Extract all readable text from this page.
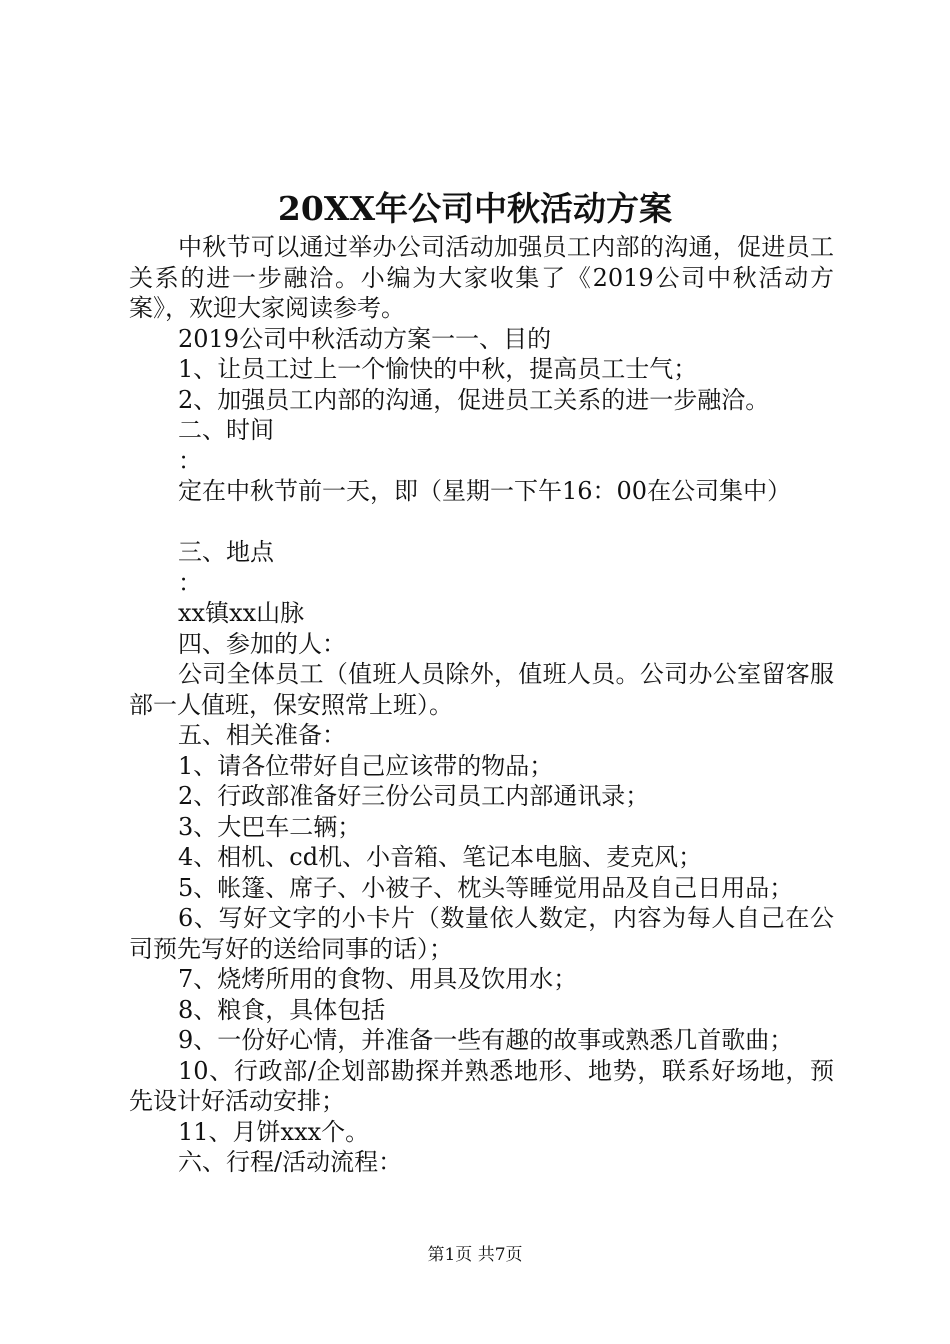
20XX年公司中秋活动方案

中秋节可以通过举办公司活动加强员工内部的沟通，促进员工关系的进一步融洽。小编为大家收集了《2019公司中秋活动方案》，欢迎大家阅读参考。

2019公司中秋活动方案一一、目的

1、让员工过上一个愉快的中秋，提高员工士气；

2、加强员工内部的沟通，促进员工关系的进一步融洽。

二、时间

：

定在中秋节前一天，即（星期一下午16：00在公司集中）

三、地点

：

xx镇xx山脉

四、参加的人：

公司全体员工（值班人员除外，值班人员。公司办公室留客服部一人值班，保安照常上班）。

五、相关准备：

1、请各位带好自己应该带的物品；

2、行政部准备好三份公司员工内部通讯录；

3、大巴车二辆；

4、相机、cd机、小音箱、笔记本电脑、麦克风；

5、帐篷、席子、小被子、枕头等睡觉用品及自己日用品；

6、写好文字的小卡片（数量依人数定，内容为每人自己在公司预先写好的送给同事的话）；

7、烧烤所用的食物、用具及饮用水；

8、粮食，具体包括

9、一份好心情，并准备一些有趣的故事或熟悉几首歌曲；

10、行政部/企划部勘探并熟悉地形、地势，联系好场地，预先设计好活动安排；

11、月饼xxx个。

六、行程/活动流程：

第1页 共7页
